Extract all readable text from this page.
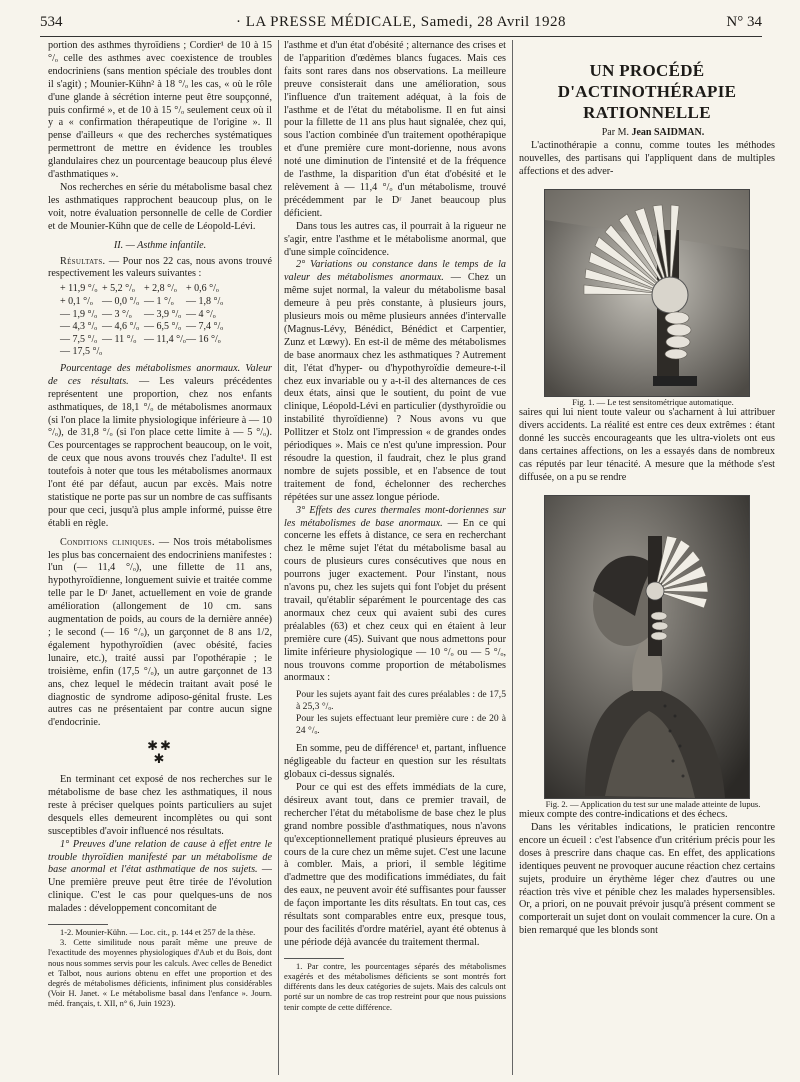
534	· LA PRESSE MÉDICALE, Samedi, 28 Avril 1928	N° 34

portion des asthmes thyroïdiens ; Cordier¹ de 10 à 15 °/ₒ celle des asthmes avec coexistence de troubles endocriniens (sans mention spéciale des troubles dont il s'agit) ; Mounier-Kühn² à 18 °/ₒ les cas, « où le rôle d'une glande à sécrétion interne peut être soupçonné, puis confirmé », et de 10 à 15 °/ₒ seulement ceux où il y a « confirmation thérapeutique de l'origine ». Il pense d'ailleurs « que des recherches systématiques permettront de mettre en évidence les troubles glandulaires chez un pourcentage beaucoup plus élevé d'asthmatiques ».

Nos recherches en série du métabolisme basal chez les asthmatiques rapprochent beaucoup plus, on le voit, notre évaluation personnelle de celle de Cordier et de Mounier-Kühn que de celle de Léopold-Lévi.

II. — Asthme infantile.

Résultats. — Pour nos 22 cas, nous avons trouvé respectivement les valeurs suivantes :

+ 11,9 °/ₒ + 5,2 °/ₒ + 2,8 °/ₒ + 0,6 °/ₒ
+ 0,1 °/ₒ — 0,0 °/ₒ — 1 °/ₒ	— 1,8 °/ₒ
— 1,9 °/ₒ — 3 °/ₒ	— 3,9 °/ₒ — 4 °/ₒ
— 4,3 °/ₒ — 4,6 °/ₒ — 6,5 °/ₒ — 7,4 °/ₒ
— 7,5 °/ₒ — 11 °/ₒ — 11,4 °/ₒ — 16 °/ₒ
— 17,5 °/ₒ

Pourcentage des métabolismes anormaux. Valeur de ces résultats. — Les valeurs précédentes représentent une proportion, chez nos enfants asthmatiques, de 18,1 °/ₒ de métabolismes anormaux (si l'on place la limite physiologique inférieure à — 10 °/ₒ), de 31,8 °/ₒ (si l'on place cette limite à — 5 °/ₒ). Ces pourcentages se rapprochent beaucoup, on le voit, de ceux que nous avons trouvés chez l'adulte¹. Il est toutefois à noter que tous les métabolismes anormaux l'ont été par défaut, aucun par excès. Mais notre statistique ne porte pas sur un nombre de cas suffisants pour que ceci, jusqu'à plus ample informé, puisse être établi en règle.

Conditions cliniques. — Nos trois métabolismes les plus bas concernaient des endocriniens manifestes : l'un (— 11,4 °/ₒ), une fillette de 11 ans, hypothyroïdienne, longuement suivie et traitée comme telle par le Dʳ Janet, actuellement en voie de grande amélioration (allongement de 10 cm. sans augmentation de poids, au cours de la dernière année) ; le second (— 16 °/ₒ), un garçonnet de 8 ans 1/2, également hypothyroïdien (avec obésité, facies lunaire, etc.), traité aussi par l'opothérapie ; le troisième, enfin (17,5 °/ₒ), un autre garçonnet de 13 ans, chez lequel le médecin traitant avait posé le diagnostic de syndrome adiposo-génital fruste. Les autres cas ne présentaient par contre aucun signe d'endocrinie.

✱✱
✱

En terminant cet exposé de nos recherches sur le métabolisme de base chez les asthmatiques, il nous reste à préciser quelques points particuliers au sujet desquels elles demeurent incomplètes ou qui sont susceptibles d'avoir influencé nos résultats.

1° Preuves d'une relation de cause à effet entre le trouble thyroïdien manifesté par un métabolisme de base anormal et l'état asthmatique de nos sujets. — Une première preuve peut être tirée de l'évolution clinique. C'est le cas pour quelques-uns de nos malades : développement concomitant de

1-2. Mounier-Kühn. — Loc. cit., p. 144 et 257 de la thèse.

3. Cette similitude nous paraît même une preuve de l'exactitude des moyennes physiologiques d'Aub et du Bois, dont nous nous sommes servis pour les calculs. Avec celles de Benedict et Talbot, nous aurions obtenu en effet une proportion et des degrés de métabolismes déficients, infiniment plus considérables (Voir H. Janet. « Le métabolisme basal dans l'enfance ». Journ. méd. français, t. XII, n° 6, Juin 1923).

l'asthme et d'un état d'obésité ; alternance des crises et de l'apparition d'œdèmes blancs fugaces. Mais ces faits sont rares dans nos observations. La meilleure preuve consisterait dans une amélioration, sous l'influence d'un traitement adéquat, à la fois de l'asthme et de l'état du métabolisme. Il en fut ainsi pour la fillette de 11 ans plus haut signalée, chez qui, sous l'action combinée d'un traitement opothérapique et d'une première cure mont-dorienne, nous avons noté une diminution de l'intensité et de la fréquence de l'asthme, la disparition d'un état d'obésité et le relèvement à — 11,4 °/ₒ d'un métabolisme, trouvé précédemment par le Dʳ Janet beaucoup plus déficient.

Dans tous les autres cas, il pourrait à la rigueur ne s'agir, entre l'asthme et le métabolisme anormal, que d'une simple coïncidence.

2° Variations ou constance dans le temps de la valeur des métabolismes anormaux. — Chez un même sujet normal, la valeur du métabolisme basal demeure à peu près constante, à plusieurs jours, plusieurs mois ou même plusieurs années d'intervalle (Magnus-Lévy, Bénédict, Bénédict et Carpentier, Zunz et Lœwy). En est-il de même des métabolismes de base anormaux chez les asthmatiques ? Autrement dit, l'état d'hyper- ou d'hypothyroïdie demeure-t-il chez eux invariable ou y a-t-il des alternances de ces deux états, ainsi que le soutient, du point de vue clinique, Léopold-Lévi en particulier (dysthyroïdie ou instabilité thyroïdienne) ? Nous avons vu que Pollitzer et Stolz ont l'impression « de grandes ondes périodiques ». Mais ce n'est qu'une impression. Pour résoudre la question, il faudrait, chez le plus grand nombre de sujets possible, et en l'absence de tout traitement de fond, échelonner des recherches répétées sur une assez longue période.

3° Effets des cures thermales mont-doriennes sur les métabolismes de base anormaux. — En ce qui concerne les effets à distance, ce sera en recherchant chez le même sujet l'état du métabolisme basal au cours de plusieurs cures consécutives que nous en pourrons juger exactement. Pour l'instant, nous n'avons pu, chez les sujets qui font l'objet du présent travail, qu'établir séparément le pourcentage des cas anormaux chez ceux qui avaient subi des cures préalables (63) et chez ceux qui en étaient à leur première cure (45). Suivant que nous admettons pour limite inférieure physiologique — 10 °/ₒ ou — 5 °/ₒ, nous trouvons comme proportion de métabolismes anormaux :

Pour les sujets ayant fait des cures préalables : de 17,5 à 25,3 °/ₒ.

Pour les sujets effectuant leur première cure : de 20 à 24 °/ₒ.

En somme, peu de différence¹ et, partant, influence négligeable du facteur en question sur les résultats globaux ci-dessus signalés.

Pour ce qui est des effets immédiats de la cure, désireux avant tout, dans ce premier travail, de rechercher l'état du métabolisme de base chez le plus grand nombre possible d'asthmatiques, nous n'avons qu'exceptionnellement pratiqué plusieurs épreuves au cours de la cure chez un même sujet. C'est une lacune à combler. Mais, a priori, il semble légitime d'admettre que des modifications immédiates, du fait des eaux, ne peuvent avoir été suffisantes pour fausser de façon importante les dits résultats. En tout cas, ces résultats sont comparables entre eux, presque tous, pour des facilités d'ordre matériel, ayant été obtenus à une période déjà avancée du traitement thermal.

1. Par contre, les pourcentages séparés des métabolismes exagérés et des métabolismes déficients se sont montrés fort différents dans les deux catégories de sujets. Mais des calculs ont porté sur un nombre de cas trop restreint pour que nous puissions tenir compte de cette différence.

UN PROCÉDÉ D'ACTINOTHÉRAPIE RATIONNELLE

Par M. Jean SAIDMAN.

L'actinothérapie a connu, comme toutes les méthodes nouvelles, des partisans qui l'appliquent dans de multiples affections et des adver-

Fig. 1. — Le test sensitométrique automatique.

saires qui lui nient toute valeur ou s'acharnent à lui attribuer divers accidents. La réalité est entre ces deux extrêmes : étant donné les succès encourageants que les ultra-violets ont eus dans certaines affections, on les a essayés dans de nombreux cas réputés par leur ténacité. A mesure que la méthode s'est diffusée, on a pu se rendre

Fig. 2. — Application du test sur une malade atteinte de lupus.

mieux compte des contre-indications et des échecs.

Dans les véritables indications, le praticien rencontre encore un écueil : c'est l'absence d'un critérium précis pour les doses à prescrire dans chaque cas. En effet, des applications identiques peuvent ne provoquer aucune réaction chez certains sujets, produire un érythème léger chez d'autres ou une réaction très vive et pénible chez les malades hypersensibles. Or, a priori, on ne pouvait prévoir jusqu'à présent comment se comporterait un sujet dont on voulait commencer la cure. On a bien remarqué que les blonds sont
